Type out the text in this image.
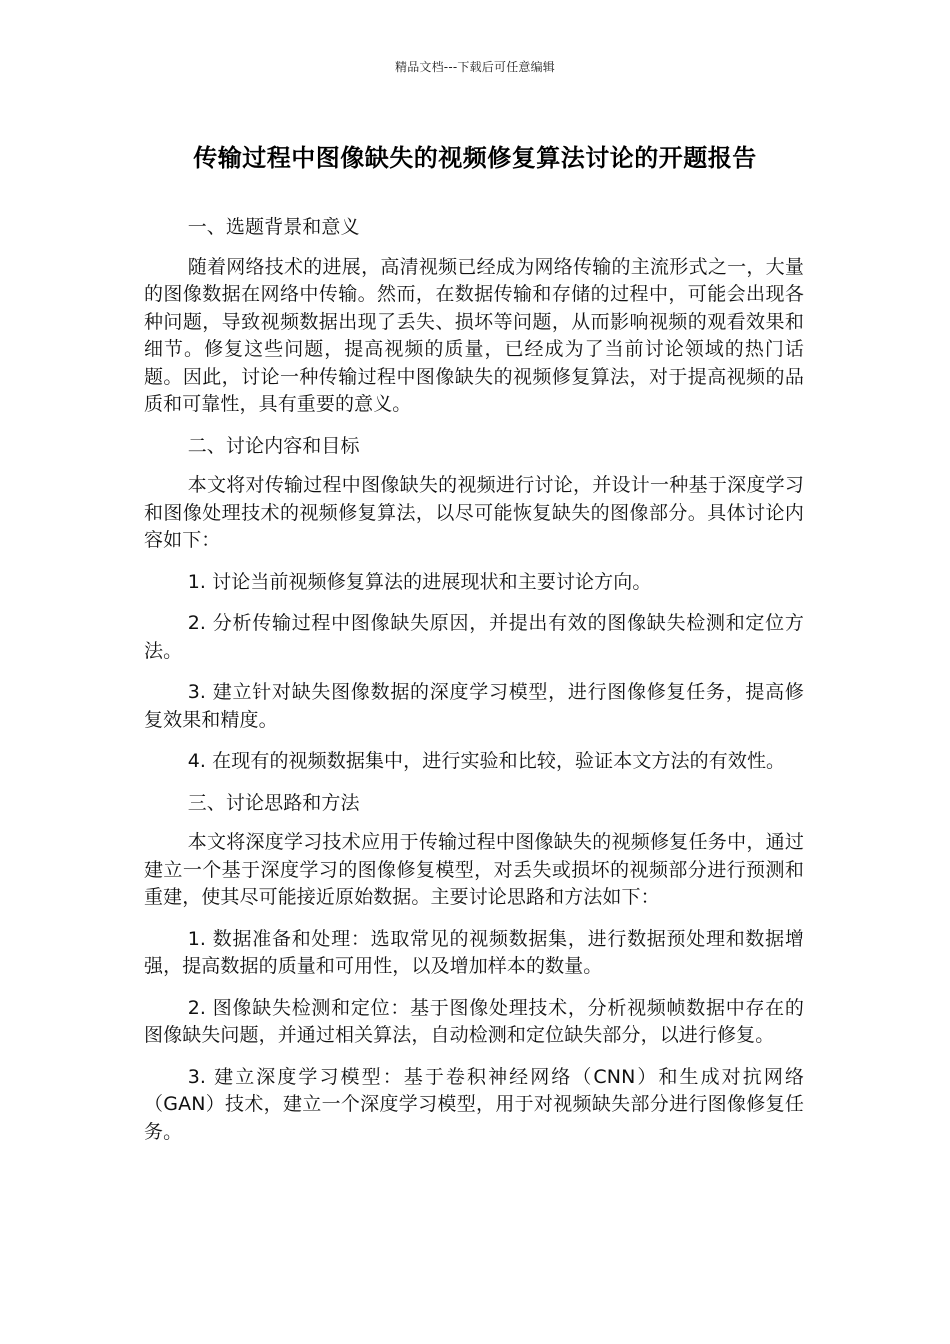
精品文档---下载后可任意编辑
传输过程中图像缺失的视频修复算法讨论的开题报告

一、选题背景和意义

随着网络技术的进展，高清视频已经成为网络传输的主流形式之一，大量的图像数据在网络中传输。然而，在数据传输和存储的过程中，可能会出现各种问题，导致视频数据出现了丢失、损坏等问题，从而影响视频的观看效果和细节。修复这些问题，提高视频的质量，已经成为了当前讨论领域的热门话题。因此，讨论一种传输过程中图像缺失的视频修复算法，对于提高视频的品质和可靠性，具有重要的意义。

二、讨论内容和目标

本文将对传输过程中图像缺失的视频进行讨论，并设计一种基于深度学习和图像处理技术的视频修复算法，以尽可能恢复缺失的图像部分。具体讨论内容如下：

1. 讨论当前视频修复算法的进展现状和主要讨论方向。

2. 分析传输过程中图像缺失原因，并提出有效的图像缺失检测和定位方法。

3. 建立针对缺失图像数据的深度学习模型，进行图像修复任务，提高修复效果和精度。

4. 在现有的视频数据集中，进行实验和比较，验证本文方法的有效性。

三、讨论思路和方法

本文将深度学习技术应用于传输过程中图像缺失的视频修复任务中，通过建立一个基于深度学习的图像修复模型，对丢失或损坏的视频部分进行预测和重建，使其尽可能接近原始数据。主要讨论思路和方法如下：

1. 数据准备和处理：选取常见的视频数据集，进行数据预处理和数据增强，提高数据的质量和可用性，以及增加样本的数量。

2. 图像缺失检测和定位：基于图像处理技术，分析视频帧数据中存在的图像缺失问题，并通过相关算法，自动检测和定位缺失部分，以进行修复。

3. 建立深度学习模型：基于卷积神经网络（CNN）和生成对抗网络（GAN）技术，建立一个深度学习模型，用于对视频缺失部分进行图像修复任务。
